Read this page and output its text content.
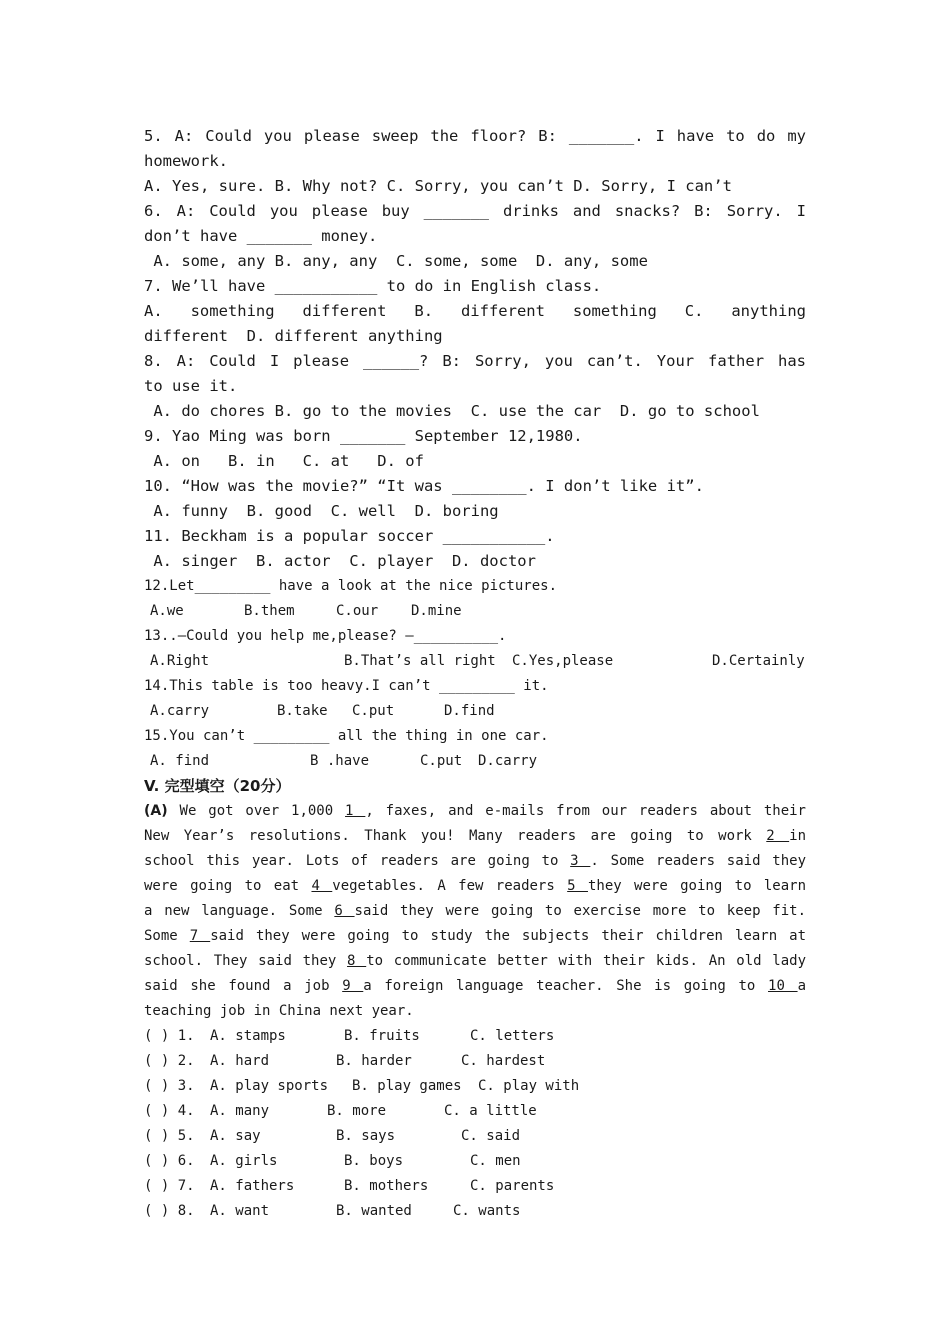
5. A: Could you please sweep the floor? B: _______. I have to do my
homework.
A. Yes, sure. B. Why not? C. Sorry, you can’t D. Sorry, I can’t
6. A: Could you please buy _______ drinks and snacks? B: Sorry. I
don’t have _______ money.
A. some, any B. any, any  C. some, some  D. any, some
7. We’ll have ___________ to do in English class.
A. something different B. different something C. anything
different  D. different anything
8. A: Could I please ______? B: Sorry, you can’t. Your father has
to use it.
A. do chores B. go to the movies  C. use the car  D. go to school
9. Yao Ming was born _______ September 12,1980.
A. on   B. in   C. at   D. of
10. “How was the movie?” “It was ________. I don’t like it”.
A. funny  B. good  C. well  D. boring
11. Beckham is a popular soccer ___________.
A. singer  B. actor  C. player  D. doctor
12.Let_________ have a look at the nice pictures.

A.we

	B.them

	C.our

D.mine

13..—Could you help me,please? —__________.

A.Right

	B.That’s all right

C.Yes,please

	D.Certainly

14.This table is too heavy.I can’t _________ it.

A.carry

	B.take

C.put

	D.find

15.You can’t _________ all the thing in one car.

A. find

	B .have

	C.put

D.carry

V. 完型填空（20分）
(A) We got over 1,000 1 , faxes, and e-mails from our readers about their
New Year’s resolutions. Thank you! Many readers are going to work 2 in
school this year. Lots of readers are going to 3 . Some readers said they
were going to eat 4 vegetables. A few readers 5 they were going to learn
a new language. Some 6 said they were going to exercise more to keep fit.
Some 7 said they were going to study the subjects their children learn at
school. They said they 8 to communicate better with their kids. An old lady
said she found a job 9 a foreign language teacher. She is going to 10 a
teaching job in China next year.
( ) 1. A. stamps	B. fruits	C. letters
( ) 2. A. hard	B. harder	C. hardest
( ) 3. A. play sports B. play games C. play with
( ) 4. A. many	B. more	C. a little
( ) 5. A. say	B. says	C. said
( ) 6. A. girls	B. boys	C. men
( ) 7. A. fathers	B. mothers	C. parents
( ) 8. A. want	B. wanted	C. wants
